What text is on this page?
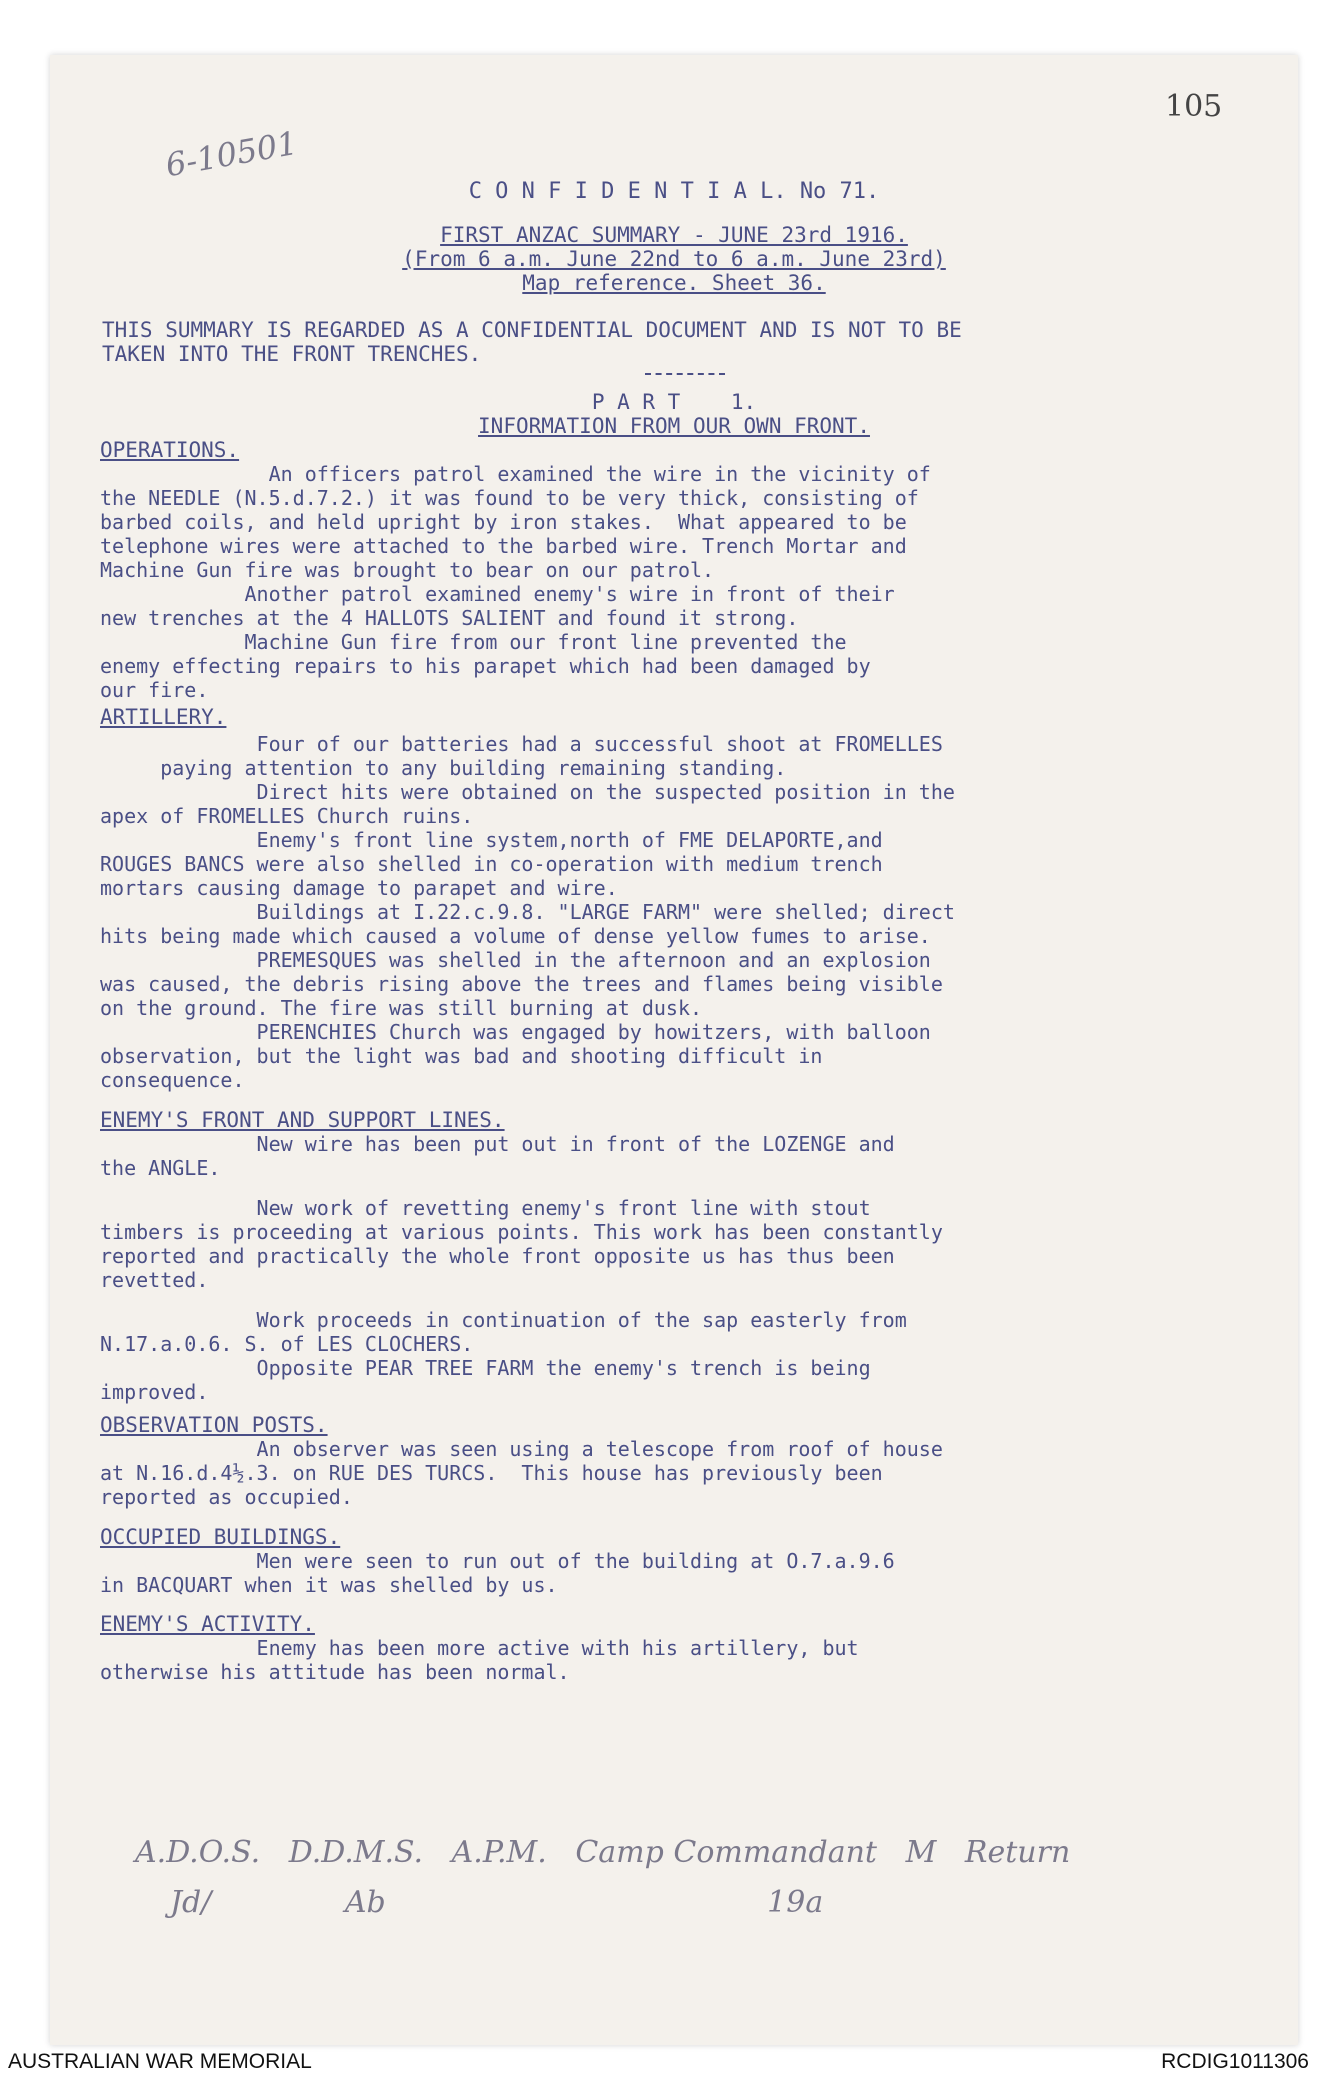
105
6-10501
C O N F I D E N T I A L. No 71.
FIRST ANZAC SUMMARY - JUNE 23rd 1916.
(From 6 a.m. June 22nd to 6 a.m. June 23rd)
Map reference. Sheet 36.
THIS SUMMARY IS REGARDED AS A CONFIDENTIAL DOCUMENT AND IS NOT TO BE
TAKEN INTO THE FRONT TRENCHES.
P A R T    1.
INFORMATION FROM OUR OWN FRONT.
OPERATIONS.
An officers patrol examined the wire in the vicinity of
the NEEDLE (N.5.d.7.2.) it was found to be very thick, consisting of
barbed coils, and held upright by iron stakes.  What appeared to be
telephone wires were attached to the barbed wire. Trench Mortar and
Machine Gun fire was brought to bear on our patrol.
Another patrol examined enemy's wire in front of their
new trenches at the 4 HALLOTS SALIENT and found it strong.
Machine Gun fire from our front line prevented the
enemy effecting repairs to his parapet which had been damaged by
our fire.
ARTILLERY.
Four of our batteries had a successful shoot at FROMELLES
paying attention to any building remaining standing.
Direct hits were obtained on the suspected position in the
apex of FROMELLES Church ruins.
Enemy's front line system,north of FME DELAPORTE,and
ROUGES BANCS were also shelled in co-operation with medium trench
mortars causing damage to parapet and wire.
Buildings at I.22.c.9.8. "LARGE FARM" were shelled; direct
hits being made which caused a volume of dense yellow fumes to arise.
PREMESQUES was shelled in the afternoon and an explosion
was caused, the debris rising above the trees and flames being visible
on the ground. The fire was still burning at dusk.
PERENCHIES Church was engaged by howitzers, with balloon
observation, but the light was bad and shooting difficult in
consequence.
ENEMY'S FRONT AND SUPPORT LINES.
New wire has been put out in front of the LOZENGE and
the ANGLE.
New work of revetting enemy's front line with stout
timbers is proceeding at various points. This work has been constantly
reported and practically the whole front opposite us has thus been
revetted.
Work proceeds in continuation of the sap easterly from
N.17.a.0.6. S. of LES CLOCHERS.
Opposite PEAR TREE FARM the enemy's trench is being
improved.
OBSERVATION POSTS.
An observer was seen using a telescope from roof of house
at N.16.d.4½.3. on RUE DES TURCS.  This house has previously been
reported as occupied.
OCCUPIED BUILDINGS.
Men were seen to run out of the building at O.7.a.9.6
in BACQUART when it was shelled by us.
ENEMY'S ACTIVITY.
Enemy has been more active with his artillery, but
otherwise his attitude has been normal.
A.D.O.S.   D.D.M.S.   A.P.M.   Camp Commandant   M   Return
Jd/              Ab                                        19a
AUSTRALIAN WAR MEMORIAL	RCDIG1011306
